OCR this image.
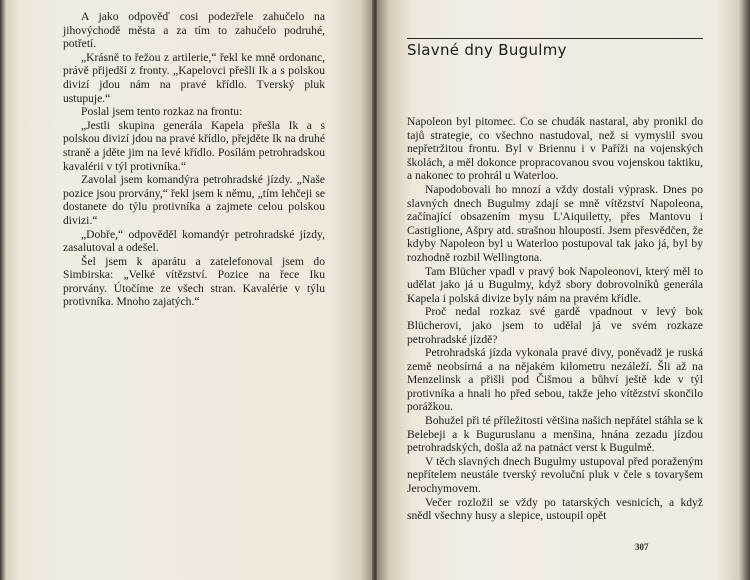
A jako odpověď cosi podezřele zahučelo na jihovýchodě města a za tím to zahučelo podruhé, potřetí.

„Krásně to řežou z artilerie,“ řekl ke mně ordonanc, právě přijedší z fronty. „Kapelovci přešli Ik a s polskou divizí jdou nám na pravé křídlo. Tverský pluk ustupuje.“

Poslal jsem tento rozkaz na frontu:

„Jestli skupina generála Kapela přešla Ik a s polskou divizí jdou na pravé křídlo, přejděte Ik na druhé straně a jděte jim na levé křídlo. Posílám petrohradskou kavalérii v týl protivníka.“

Zavolal jsem komandýra petrohradské jízdy. „Naše pozice jsou prorvány,“ řekl jsem k němu, „tím lehčeji se dostanete do týlu protivníka a zajmete celou polskou divizi.“

„Dobře,“ odpověděl komandýr petrohradské jízdy, zasalutoval a odešel.

Šel jsem k aparátu a zatelefonoval jsem do Simbirska: „Velké vítězství. Pozice na řece Iku prorvány. Útočíme ze všech stran. Kavalérie v týlu protivníka. Mnoho zajatých.“

Slavné dny Bugulmy

Napoleon byl pitomec. Co se chudák nastaral, aby pronikl do tajů strategie, co všechno nastudoval, než si vymyslil svou nepřetržitou frontu. Byl v Briennu i v Paříži na vojenských školách, a měl dokonce propracovanou svou vojenskou taktiku, a nakonec to prohrál u Waterloo.

Napodobovali ho mnozí a vždy dostali výprask. Dnes po slavných dnech Bugulmy zdají se mně vítězství Napoleona, začínající obsazením mysu L'Aiquiletty, přes Mantovu i Castiglione, Ašpry atd. strašnou hloupostí. Jsem přesvědčen, že kdyby Napoleon byl u Waterloo postupoval tak jako já, byl by rozhodně rozbil Wellingtona.

Tam Blücher vpadl v pravý bok Napoleonovi, který měl to udělat jako já u Bugulmy, když sbory dobrovolníků generála Kapela i polská divize byly nám na pravém křídle.

Proč nedal rozkaz své gardě vpadnout v levý bok Blücherovi, jako jsem to udělal já ve svém rozkaze petrohradské jízdě?

Petrohradská jízda vykonala pravé divy, poněvadž je ruská země neobsírná a na nějakém kilometru nezáleží. Šli až na Menzelinsk a přišli pod Čišmou a bůhví ještě kde v týl protivníka a hnali ho před sebou, takže jeho vítězství skončilo porážkou.

Bohužel při té příležitosti většina našich nepřátel stáhla se k Belebeji a k Buguruslanu a menšina, hnána zezadu jízdou petrohradských, došla až na patnáct verst k Bugulmě.

V těch slavných dnech Bugulmy ustupoval před poraženým nepřítelem neustále tverský revoluční pluk v čele s tovaryšem Jerochymovem.

Večer rozložil se vždy po tatarských vesnicích, a když snědl všechny husy a slepice, ustoupil opět

307
